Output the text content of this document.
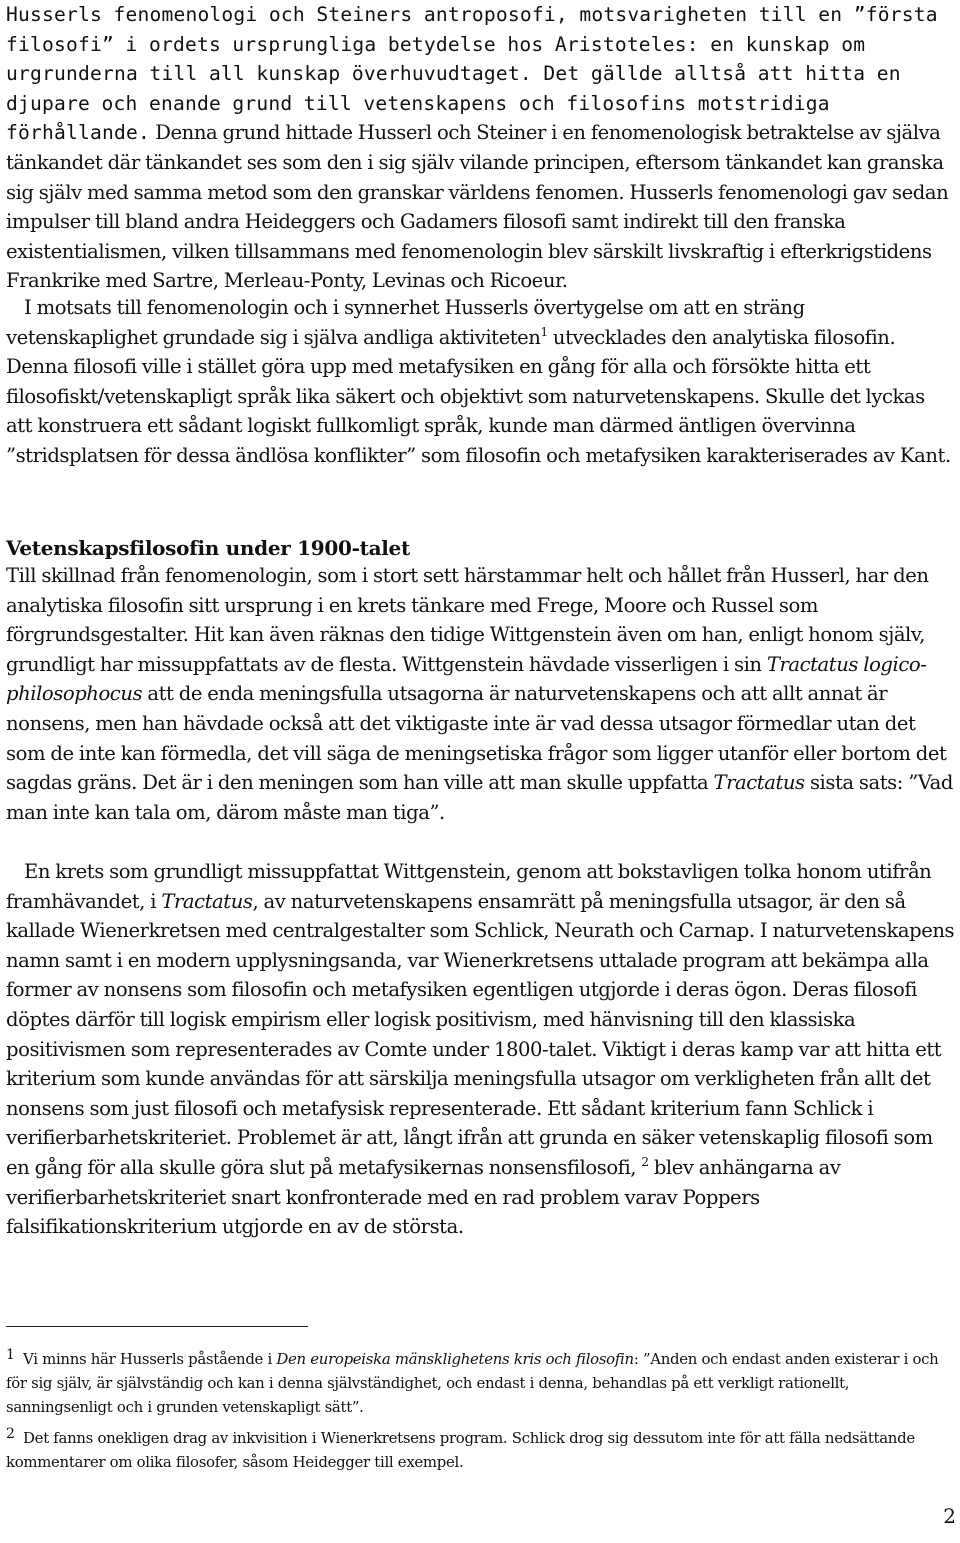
Husserls fenomenologi och Steiners antroposofi, motsvarigheten till en ”första filosofi” i ordets ursprungliga betydelse hos Aristoteles: en kunskap om urgrunderna till all kunskap överhuvudtaget. Det gällde alltså att hitta en djupare och enande grund till vetenskapens och filosofins motstridiga förhållande. Denna grund hittade Husserl och Steiner i en fenomenologisk betraktelse av själva tänkandet där tänkandet ses som den i sig själv vilande principen, eftersom tänkandet kan granska sig själv med samma metod som den granskar världens fenomen. Husserls fenomenologi gav sedan impulser till bland andra Heideggers och Gadamers filosofi samt indirekt till den franska existentialismen, vilken tillsammans med fenomenologin blev särskilt livskraftig i efterkrigstidens Frankrike med Sartre, Merleau-Ponty, Levinas och Ricoeur.

I motsats till fenomenologin och i synnerhet Husserls övertygelse om att en sträng vetenskaplighet grundade sig i själva andliga aktiviteten$^1$ utvecklades den analytiska filosofin. Denna filosofi ville i stället göra upp med metafysiken en gång för alla och försökte hitta ett filosofiskt/vetenskapligt språk lika säkert och objektivt som naturvetenskapens. Skulle det lyckas att konstruera ett sådant logiskt fullkomligt språk, kunde man därmed äntligen övervinna ”stridsplatsen för dessa ändlösa konflikter” som filosofin och metafysiken karakteriserades av Kant.

Vetenskapsfilosofin under 1900-talet

Till skillnad från fenomenologin, som i stort sett härstammar helt och hållet från Husserl, har den analytiska filosofin sitt ursprung i en krets tänkare med Frege, Moore och Russel som förgrundsgestalter. Hit kan även räknas den tidige Wittgenstein även om han, enligt honom själv, grundligt har missuppfattats av de flesta. Wittgenstein hävdade visserligen i sin Tractatus logico-philosophocus att de enda meningsfulla utsagorna är naturvetenskapens och att allt annat är nonsens, men han hävdade också att det viktigaste inte är vad dessa utsagor förmedlar utan det som de inte kan förmedla, det vill säga de meningsetiska frågor som ligger utanför eller bortom det sagdas gräns. Det är i den meningen som han ville att man skulle uppfatta Tractatus sista sats: ”Vad man inte kan tala om, därom måste man tiga”.

En krets som grundligt missuppfattat Wittgenstein, genom att bokstavligen tolka honom utifrån framhävandet, i Tractatus, av naturvetenskapens ensamrätt på meningsfulla utsagor, är den så kallade Wienerkretsen med centralgestalter som Schlick, Neurath och Carnap. I naturvetenskapens namn samt i en modern upplysningsanda, var Wienerkretsens uttalade program att bekämpa alla former av nonsens som filosofin och metafysiken egentligen utgjorde i deras ögon. Deras filosofi döptes därför till logisk empirism eller logisk positivism, med hänvisning till den klassiska positivismen som representerades av Comte under 1800-talet. Viktigt i deras kamp var att hitta ett kriterium som kunde användas för att särskilja meningsfulla utsagor om verkligheten från allt det nonsens som just filosofi och metafysisk representerade. Ett sådant kriterium fann Schlick i verifierbarhetskriteriet. Problemet är att, långt ifrån att grunda en säker vetenskaplig filosofi som en gång för alla skulle göra slut på metafysikernas nonsensfilosofi, $^2$ blev anhängarna av verifierbarhetskriteriet snart konfronterade med en rad problem varav Poppers falsifikationskriterium utgjorde en av de största.

1 Vi minns här Husserls påstående i Den europeiska mänsklighetens kris och filosofin: ”Anden och endast anden existerar i och för sig själv, är självständig och kan i denna självständighet, och endast i denna, behandlas på ett verkligt rationellt, sanningsenligt och i grunden vetenskapligt sätt”.

2 Det fanns onekligen drag av inkvisition i Wienerkretsens program. Schlick drog sig dessutom inte för att fälla nedsättande kommentarer om olika filosofer, såsom Heidegger till exempel.

2
